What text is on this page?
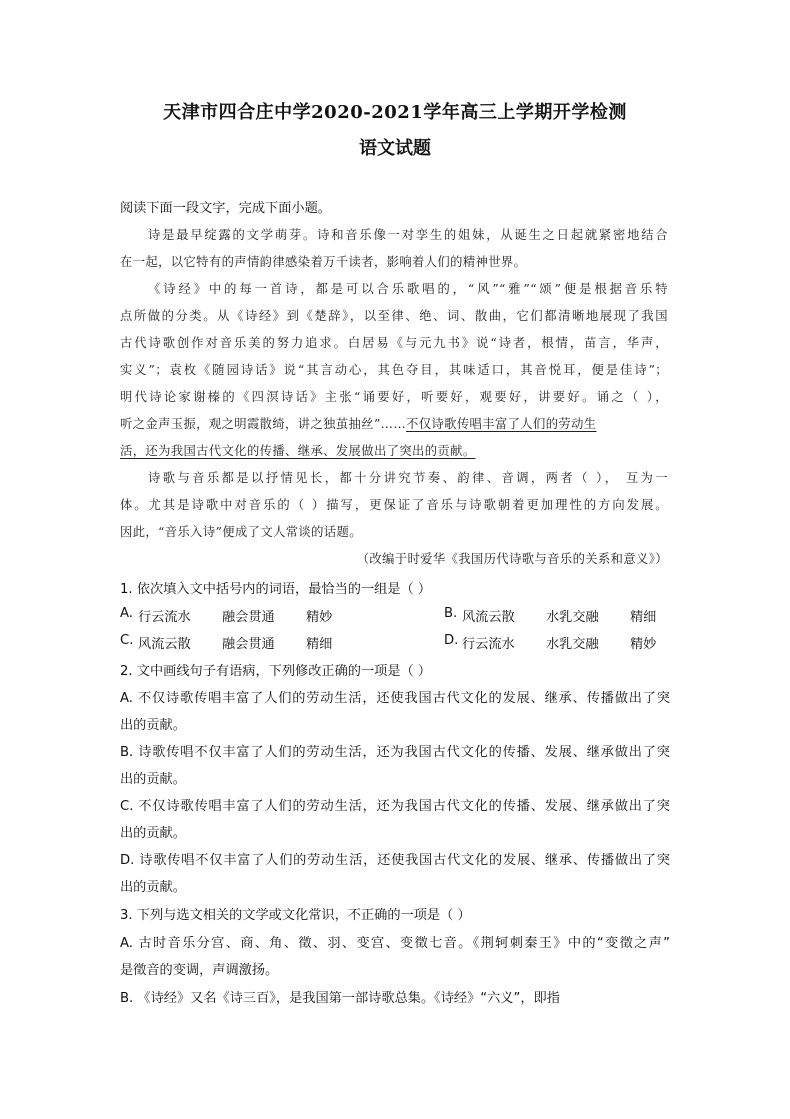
天津市四合庄中学2020-2021学年高三上学期开学检测
语文试题
阅读下面一段文字，完成下面小题。
诗是最早绽露的文学萌芽。诗和音乐像一对孪生的姐妹，从诞生之日起就紧密地结合
在一起，以它特有的声情韵律感染着万千读者，影响着人们的精神世界。
《诗经》中的每一首诗，都是可以合乐歌唱的，“风”“雅”“颂”便是根据音乐特
点所做的分类。从《诗经》到《楚辞》，以至律、绝、词、散曲，它们都清晰地展现了我国
古代诗歌创作对音乐美的努力追求。白居易《与元九书》说“诗者，根情，苗言，华声，
实义”；袁枚《随园诗话》说“其言动心，其色夺目，其味适口，其音悦耳，便是佳诗”；
明代诗论家谢榛的《四溟诗话》主张“诵要好，听要好，观要好，讲要好。诵之（ ），
听之金声玉振，观之明霞散绮，讲之独茧抽丝”……不仅诗歌传唱丰富了人们的劳动生
活，还为我国古代文化的传播、继承、发展做出了突出的贡献。
诗歌与音乐都是以抒情见长，都十分讲究节奏、韵律、音调，两者（ ）， 互为一
体。尤其是诗歌中对音乐的（ ）描写，更保证了音乐与诗歌朝着更加理性的方向发展。
因此，“音乐入诗”便成了文人常谈的话题。
（改编于时爱华《我国历代诗歌与音乐的关系和意义》）
1. 依次填入文中括号内的词语，最恰当的一组是（ ）
A. 行云流水 融会贯通 精妙	B. 风流云散 水乳交融 精细
C. 风流云散 融会贯通 精细	D. 行云流水 水乳交融 精妙
2. 文中画线句子有语病，下列修改正确的一项是（ ）
A. 不仅诗歌传唱丰富了人们的劳动生活，还使我国古代文化的发展、继承、传播做出了突
出的贡献。
B. 诗歌传唱不仅丰富了人们的劳动生活，还为我国古代文化的传播、发展、继承做出了突
出的贡献。
C. 不仅诗歌传唱丰富了人们的劳动生活，还为我国古代文化的传播、发展、继承做出了突
出的贡献。
D. 诗歌传唱不仅丰富了人们的劳动生活，还使我国古代文化的发展、继承、传播做出了突
出的贡献。
3. 下列与选文相关的文学或文化常识，不正确的一项是（ ）
A. 古时音乐分宫、商、角、徵、羽、变宫、变徵七音。《荆轲刺秦王》中的“变徵之声”
是徵音的变调，声调激扬。
B. 《诗经》又名《诗三百》，是我国第一部诗歌总集。《诗经》“六义”，即指
